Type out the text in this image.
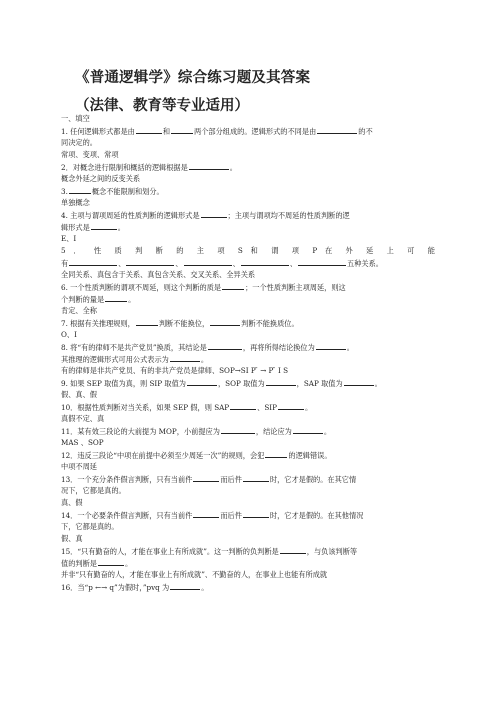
《普通逻辑学》综合练习题及其答案
（法律、教育等专业适用）
一、填空
1. 任何逻辑形式都是由	和	两个部分组成的。逻辑形式的不同是由	的不
同决定的。
常项、变项、常项
2．对概念进行限制和概括的逻辑根据是	。
概念外延之间的反变关系
3.	概念不能限制和划分。
单独概念
4. 主项与谓项周延的性质判断的逻辑形式是	；主项与谓项均不周延的性质判断的逻
辑形式是	。
E、I
5 ． 性 质 判 断 的 主 项 S 和 谓 项 P 在 外 延 上 可 能
有	、	、	、	、	五种关系。
全同关系、真包含于关系、真包含关系、交叉关系、全异关系
6. 一个性质判断的谓项不周延，则这个判断的质是	；一个性质判断主项周延，则这
个判断的量是	。
肯定、全称
7. 根据有关推理规则，	判断不能换位，	判断不能换质位。
O、I
8. 将“有的律师不是共产党员”换质，其结论是	，再将所得结论换位为	。
其推理的逻辑形式可用公式表示为	。
有的律师是非共产党员、有的非共产党员是律师、SOP→SI P ̄ → P ̄ I S
9. 如果 SEP 取值为真，则 SIP 取值为	，SOP 取值为	，SAP 取值为	。
假、真、假
10．根据性质判断对当关系，如果 SEP 假，则 SAP	、SIP	。
真假不定、真
11．某有效三段论的大前提为 MOP，小前提应为	，结论应为	。
MAS 、SOP
12．违反三段论“中项在前提中必须至少周延一次”的规则，会犯	的逻辑错误。
中项不周延
13．一个充分条件假言判断，只有当前件	而后件	时，它才是假的。在其它情
况下，它都是真的。
真、假
14．一个必要条件假言判断，只有当前件	而后件	时，它才是假的。在其他情况
下，它都是真的。
假、真
15．“只有勤奋的人，才能在事业上有所成就”。这一判断的负判断是	，与负该判断等
值的判断是	。
并非“只有勤奋的人，才能在事业上有所成就”、不勤奋的人，在事业上也能有所成就
16．当“p ←→ q”为假时，”pvq 为	。
